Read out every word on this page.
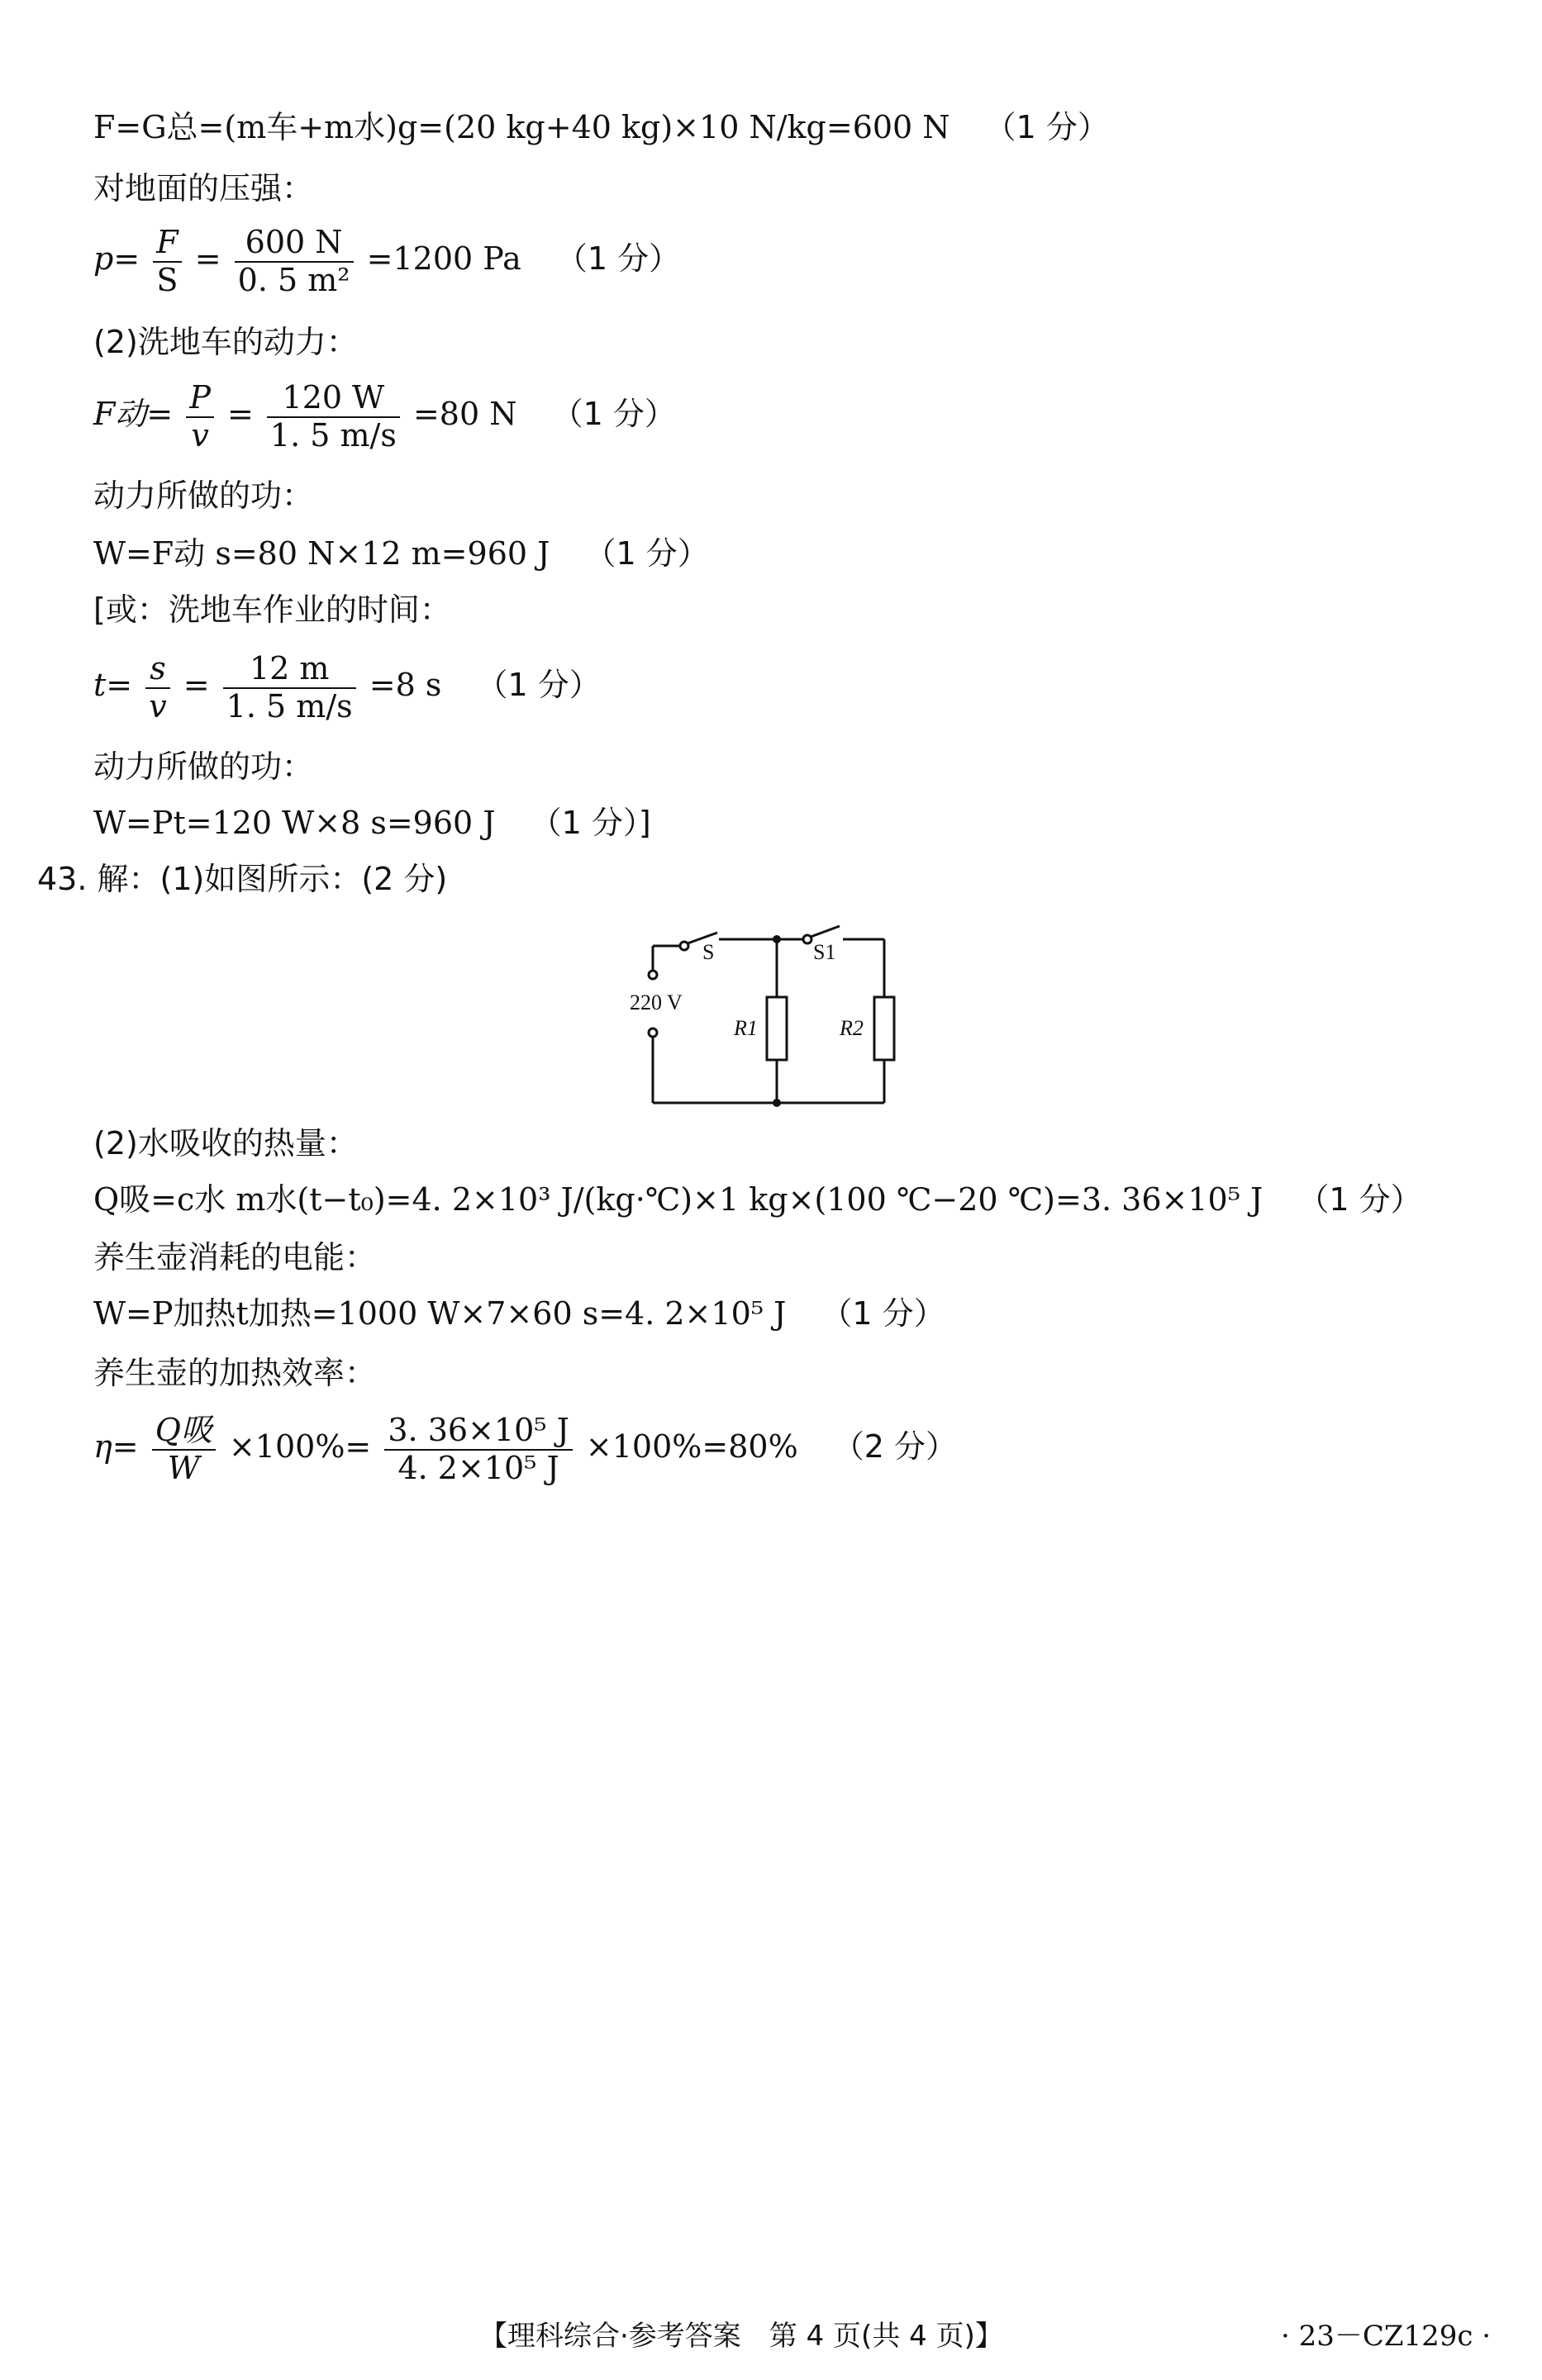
F=G总=(m车+m水)g=(20 kg+40 kg)×10 N/kg=600 N （1 分）
对地面的压强：
$p= \frac{F}{S} = \frac{600 N}{\text{0. 5 m²}} =1200$ Pa （1 分）
(2)洗地车的动力：
F动= $\frac{P}{v} = \frac{120 W}{1. 5 m/s} =80$ N （1 分）
动力所做的功：
W=F动 s=80 N×12 m=960 J （1 分）
[或：洗地车作业的时间：
$t= \frac{s}{v} = \frac{12 m}{1. 5 m/s} =8$ s （1 分）
动力所做的功：
W=Pt=120 W×8 s=960 J （1 分）]
43. 解：(1)如图所示：(2 分)
S	S1
220 V
R1	R2
(2)水吸收的热量：
Q吸=c水 m水(t−t₀)=4. 2×10³ J/(kg·℃)×1 kg×(100 ℃−20 ℃)=3. 36×10⁵ J （1 分）
养生壶消耗的电能：
W=P加热t加热=1000 W×7×60 s=4. 2×10⁵ J （1 分）
养生壶的加热效率：
$\eta= \frac{\text{Q吸}}{W} \times 100\%= \frac{\text{3. 36×10⁵ J}}{\text{4. 2×10⁵ J}} \times 100\%=80\%$ （2 分）
【理科综合·参考答案　第 4 页(共 4 页)】	· 23－CZ129c ·
